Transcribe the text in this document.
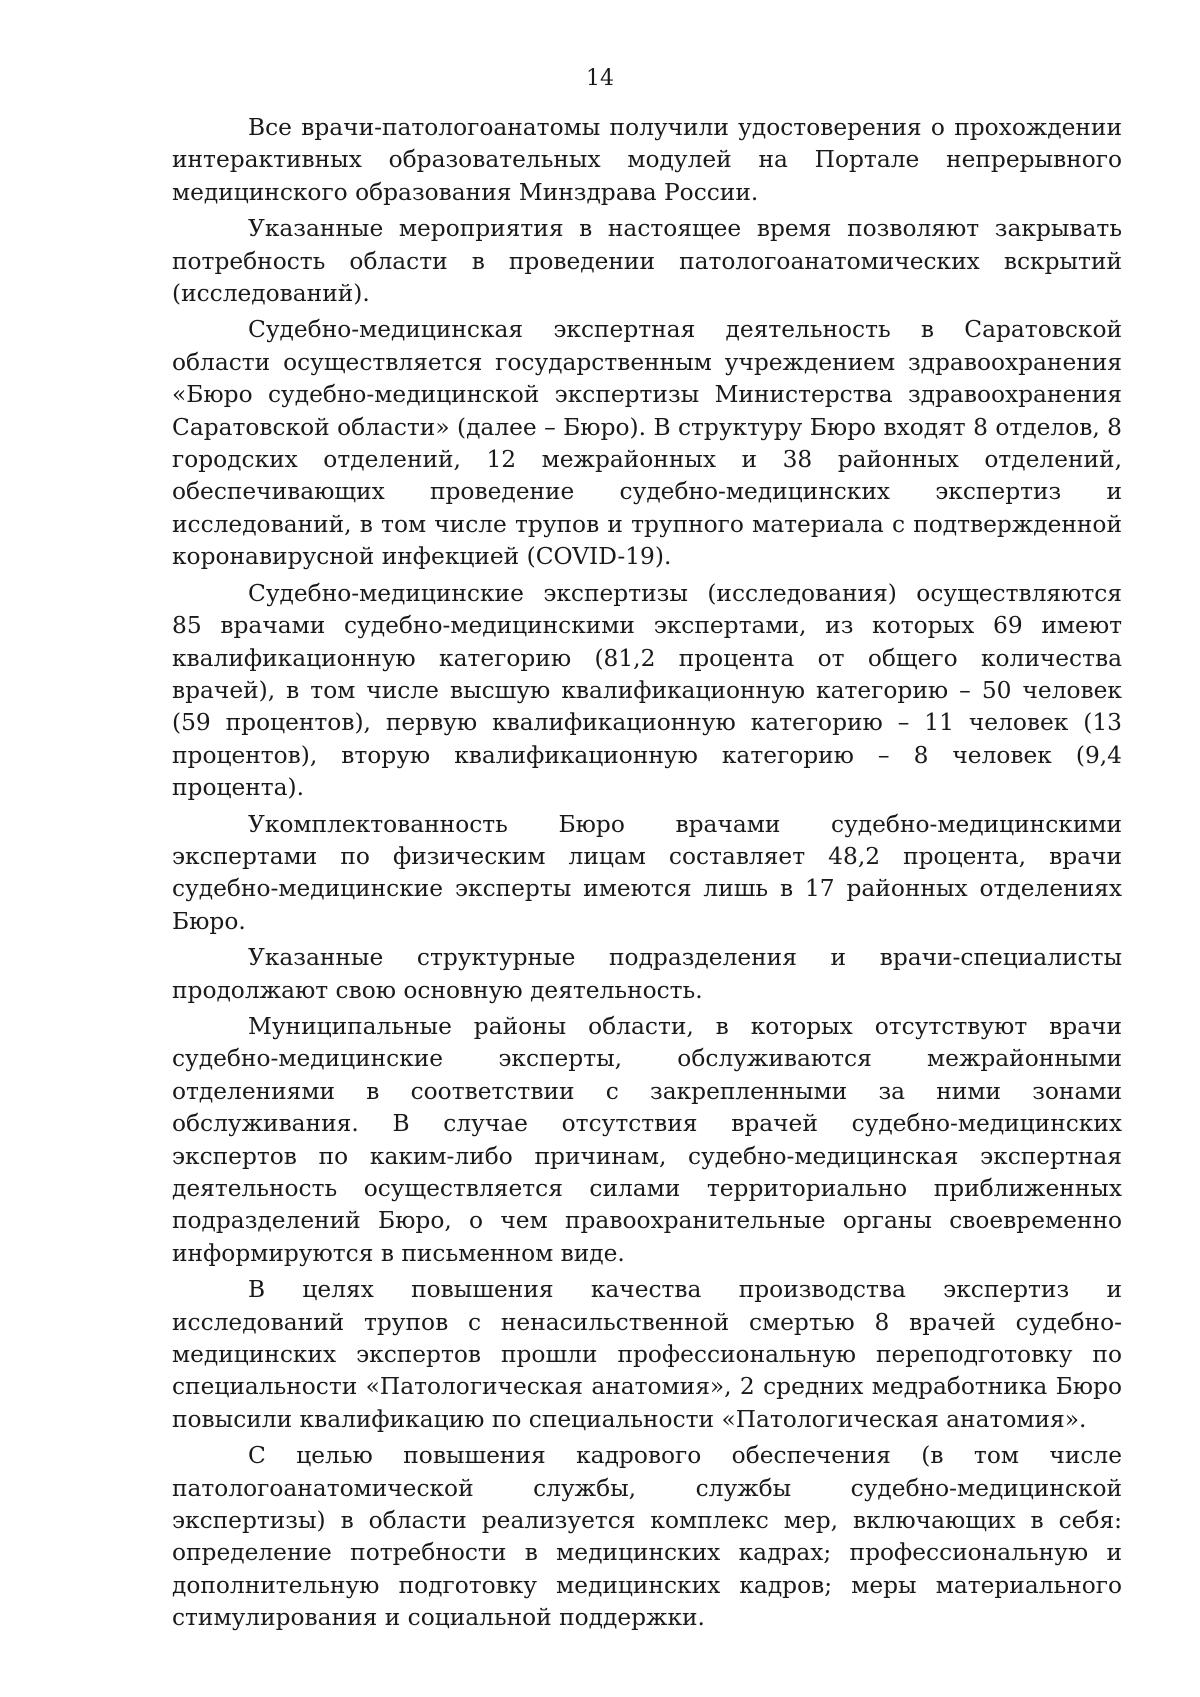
14

Все врачи-патологоанатомы получили удостоверения о прохождении интерактивных образовательных модулей на Портале непрерывного медицинского образования Минздрава России.

Указанные мероприятия в настоящее время позволяют закрывать потребность области в проведении патологоанатомических вскрытий (исследований).

Судебно-медицинская экспертная деятельность в Саратовской области осуществляется государственным учреждением здравоохранения «Бюро судебно-медицинской экспертизы Министерства здравоохранения Саратовской области» (далее – Бюро). В структуру Бюро входят 8 отделов, 8 городских отделений, 12 межрайонных и 38 районных отделений, обеспечивающих проведение судебно-медицинских экспертиз и исследований, в том числе трупов и трупного материала с подтвержденной коронавирусной инфекцией (COVID-19).

Судебно-медицинские экспертизы (исследования) осуществляются 85 врачами судебно-медицинскими экспертами, из которых 69 имеют квалификационную категорию (81,2 процента от общего количества врачей), в том числе высшую квалификационную категорию – 50 человек (59 процентов), первую квалификационную категорию – 11 человек (13 процентов), вторую квалификационную категорию – 8 человек (9,4 процента).

Укомплектованность Бюро врачами судебно-медицинскими экспертами по физическим лицам составляет 48,2 процента, врачи судебно-медицинские эксперты имеются лишь в 17 районных отделениях Бюро.

Указанные структурные подразделения и врачи-специалисты продолжают свою основную деятельность.

Муниципальные районы области, в которых отсутствуют врачи судебно-медицинские эксперты, обслуживаются межрайонными отделениями в соответствии с закрепленными за ними зонами обслуживания. В случае отсутствия врачей судебно-медицинских экспертов по каким-либо причинам, судебно-медицинская экспертная деятельность осуществляется силами территориально приближенных подразделений Бюро, о чем правоохранительные органы своевременно информируются в письменном виде.

В целях повышения качества производства экспертиз и исследований трупов с ненасильственной смертью 8 врачей судебно-медицинских экспертов прошли профессиональную переподготовку по специальности «Патологическая анатомия», 2 средних медработника Бюро повысили квалификацию по специальности «Патологическая анатомия».

С целью повышения кадрового обеспечения (в том числе патологоанатомической службы, службы судебно-медицинской экспертизы) в области реализуется комплекс мер, включающих в себя: определение потребности в медицинских кадрах; профессиональную и дополнительную подготовку медицинских кадров; меры материального стимулирования и социальной поддержки.
